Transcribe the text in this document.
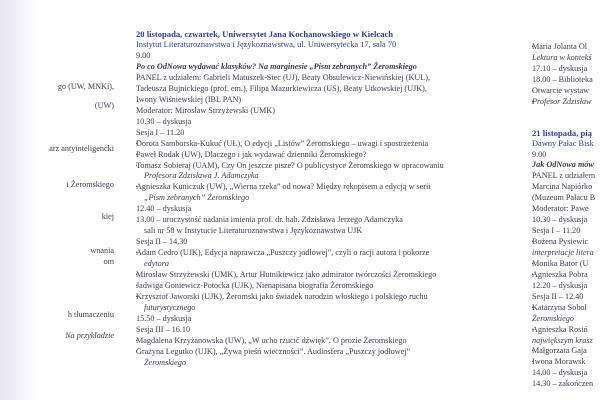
go (UW, MNKi),
(UW)
arz antyinteligencki
i Żeromskiego
kiej
wnania
om
h tłumaczeniu
Na przykładzie
20 listopada, czwartek, Uniwersytet Jana Kochanowskiego w Kielcach
Instytut Literaturoznawstwa i Językoznawstwa, ul. Uniwersytecka 17, sala 70
9.00
Po co OdNowa wydawać klasyków? Na marginesie „Pism zebranych” Żeromskiego
PANEL z udziałem: Gabrieli Matuszek-Stec (UJ), Beaty Obsulewicz-Niewińskiej (KUL),
Tadeusza Bujnickiego (prof. em.), Filipa Mazurkiewicza (US), Beaty Utkowskiej (UJK),
Iwony Wiśniewskiej (IBL PAN)
Moderator: Mirosław Strzyżewski (UMK)
10.30 – dyskusja
Sesja I – 11.20
• Dorota Samborska-Kukuć (UŁ), O edycji „Listów” Żeromskiego – uwagi i spostrzeżenia
• Paweł Rodak (UW), Dlaczego i jak wydawać dzienniki Żeromskiego?
• Tomasz Sobieraj (UAM), Czy On jeszcze pisze? O publicystyce Żeromskiego w opracowaniu
Profesora Zdzisława J. Adamczyka
• Agnieszka Kuniczuk (UW), „Wierna rzeka” od nowa? Między rękopisem a edycją w serii
„Pism zebranych” Żeromskiego
12.40 – dyskusja
13.00 – uroczystość nadania imienia prof. dr. hab. Zdzisława Jerzego Adamczyka
sali nr 58 w Instytucie Literaturoznawstwa i Językoznawstwa UJK
Sesja II – 14.30
• Adam Cedro (UJK), Edycja naprawcza „Puszczy jodłowej”, czyli o racji autora i pokorze
edytora
• Mirosław Strzyżewski (UMK), Artur Hutnikiewicz jako admirator twórczości Żeromskiego
• Jadwiga Goniewicz-Potocka (UJK), Nienapisana biografia Żeromskiego
• Krzysztof Jaworski (UJK), Żeromski jako świadek narodzin włoskiego i polskiego ruchu
futurystycznego
15.50 – dyskusja
Sesja III – 16.10
• Magdalena Krzyżanowska (UW), „W ucho rzucić dźwięk”. O prozie Żeromskiego
• Grażyna Legutko (UJK), „Żywa pieśń wieczności”. Audiosfera „Puszczy jodłowej”
Żeromskiego
• Maria Jolanta Ol
Lektura w kontekś
17.10 – dyskusja
18.00 – Biblioteka
• Otwarcie wystaw
• Profesor Zdzisław
21 listopada, pią
Dawny Pałac Bisk
9.00
Jak OdNowa mów
PANEL z udziałem
Marcina Napiórko
(Muzeum Pałacu B
Moderator: Pawe
10.30 – dyskusja
Sesja I – 11.20
• Bożena Pysiewic
interpretacje litera
• Monika Bator (U
• Agnieszka Pobra
12.20 – dyskusja
Sesja II – 12.40
• Katarzyna Sobol
Żeromskiego
• Agnieszka Rosiń
największym krasz
• Małgorzata Gaja
• Iwona Morawsk
14.00 – dyskusja
14.30 – zakończen
